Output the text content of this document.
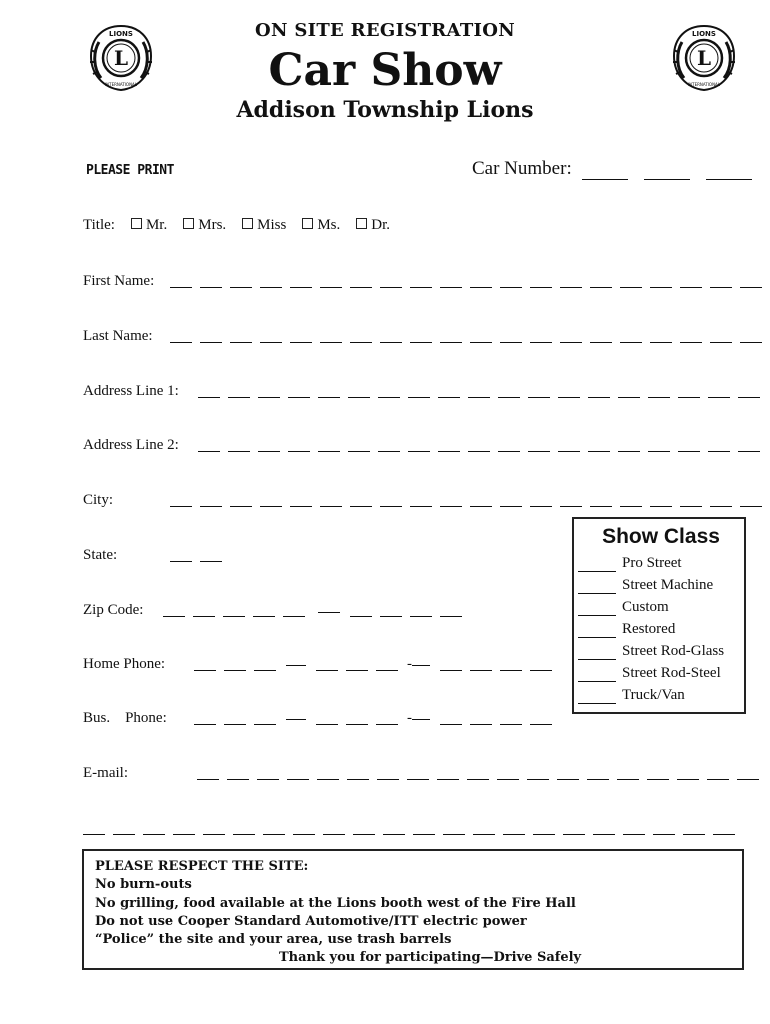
L
LIONS
INTERNATIONAL
L
LIONS
INTERNATIONAL
ON SITE REGISTRATION
Car Show
Addison Township Lions
PLEASE PRINT	Car Number:
Title:	Mr.	Mrs.	Miss	Ms.	Dr.
First Name:
Last Name:
Address Line 1:
Address Line 2:
City:
State:
Zip Code:
Home Phone:
Bus.    Phone:
E-mail:
-
-
Show Class
Pro Street
Street Machine
Custom
Restored
Street Rod-Glass
Street Rod-Steel
Truck/Van
PLEASE RESPECT THE SITE:
No burn-outs
No grilling, food available at the Lions booth west of the Fire Hall
Do not use Cooper Standard Automotive/ITT electric power
“Police” the site and your area, use trash barrels
Thank you for participating—Drive Safely
